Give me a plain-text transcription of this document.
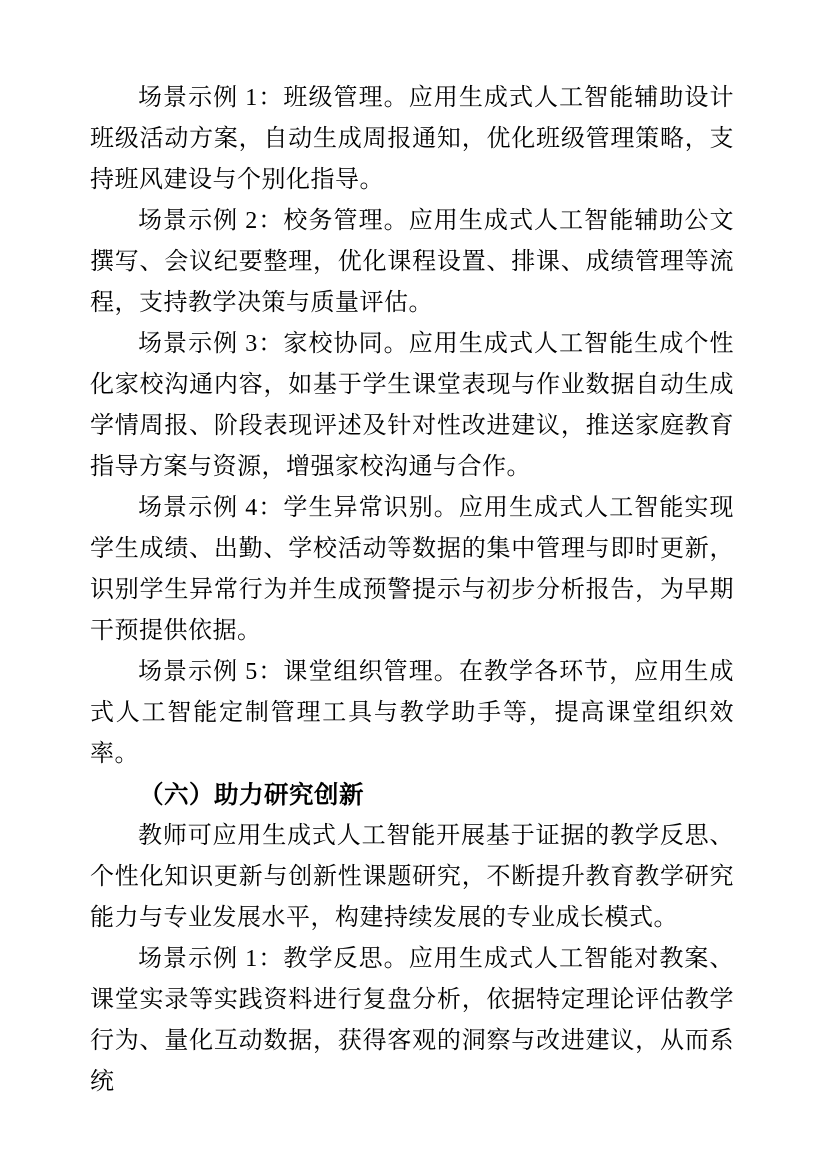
场景示例 1：班级管理。应用生成式人工智能辅助设计班级活动方案，自动生成周报通知，优化班级管理策略，支持班风建设与个别化指导。

场景示例 2：校务管理。应用生成式人工智能辅助公文撰写、会议纪要整理，优化课程设置、排课、成绩管理等流程，支持教学决策与质量评估。

场景示例 3：家校协同。应用生成式人工智能生成个性化家校沟通内容，如基于学生课堂表现与作业数据自动生成学情周报、阶段表现评述及针对性改进建议，推送家庭教育指导方案与资源，增强家校沟通与合作。

场景示例 4：学生异常识别。应用生成式人工智能实现学生成绩、出勤、学校活动等数据的集中管理与即时更新，识别学生异常行为并生成预警提示与初步分析报告，为早期干预提供依据。

场景示例 5：课堂组织管理。在教学各环节，应用生成式人工智能定制管理工具与教学助手等，提高课堂组织效率。

（六）助力研究创新

教师可应用生成式人工智能开展基于证据的教学反思、个性化知识更新与创新性课题研究，不断提升教育教学研究能力与专业发展水平，构建持续发展的专业成长模式。

场景示例 1：教学反思。应用生成式人工智能对教案、课堂实录等实践资料进行复盘分析，依据特定理论评估教学行为、量化互动数据，获得客观的洞察与改进建议，从而系统
